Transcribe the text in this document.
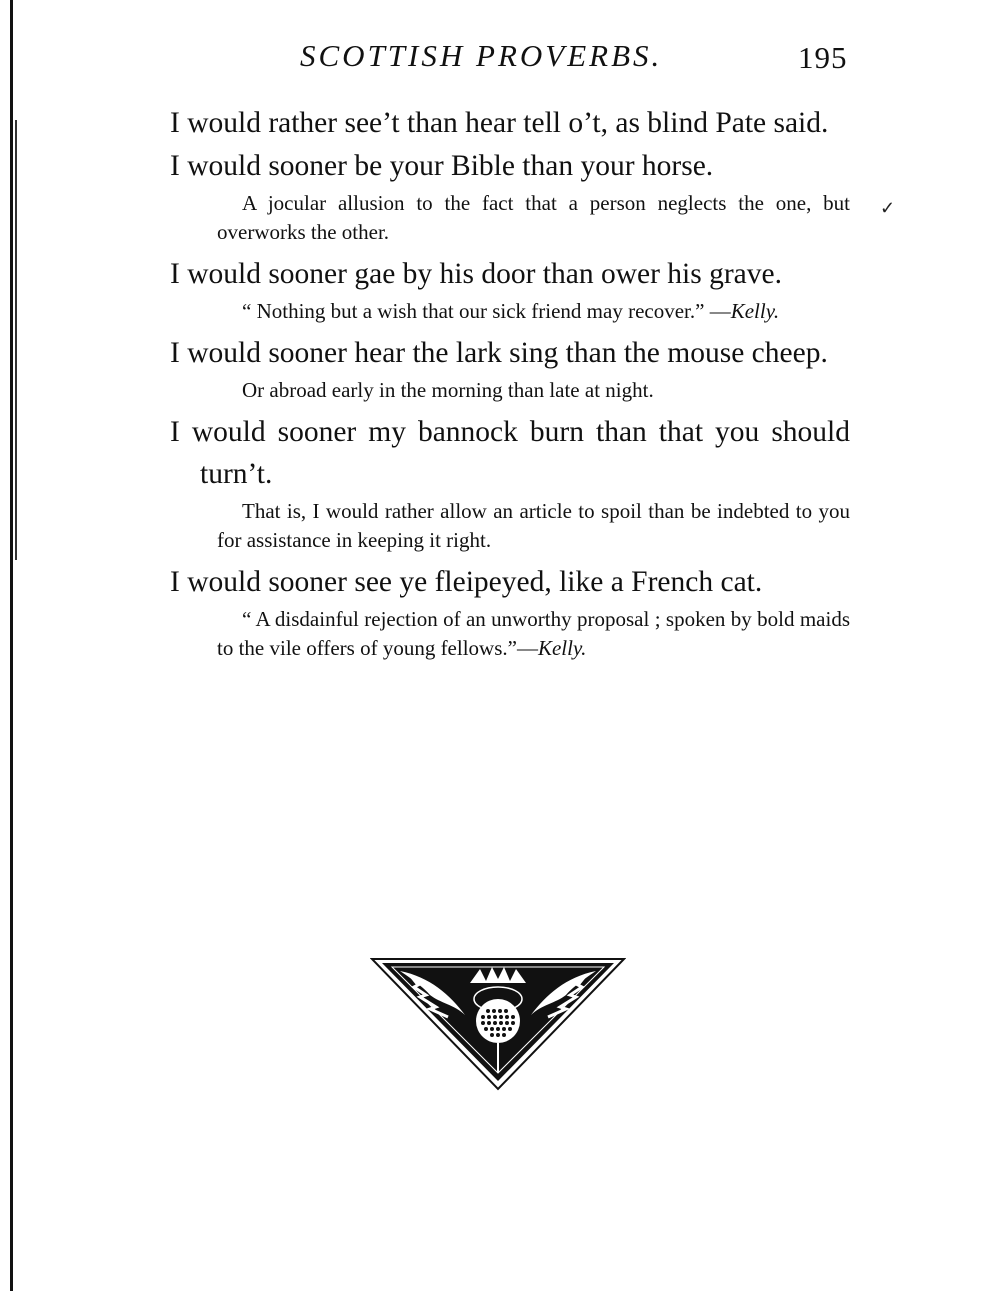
SCOTTISH PROVERBS.	195
✓

I would rather see’t than hear tell o’t, as blind Pate said.

I would sooner be your Bible than your horse.

A jocular allusion to the fact that a person neglects the one, but overworks the other.

I would sooner gae by his door than ower his grave.

“ Nothing but a wish that our sick friend may recover.” —Kelly.

I would sooner hear the lark sing than the mouse cheep.

Or abroad early in the morning than late at night.

I would sooner my bannock burn than that you should turn’t.

That is, I would rather allow an article to spoil than be indebted to you for assistance in keeping it right.

I would sooner see ye fleipeyed, like a French cat.

“ A disdainful rejection of an unworthy proposal ; spoken by bold maids to the vile offers of young fellows.”—Kelly.
